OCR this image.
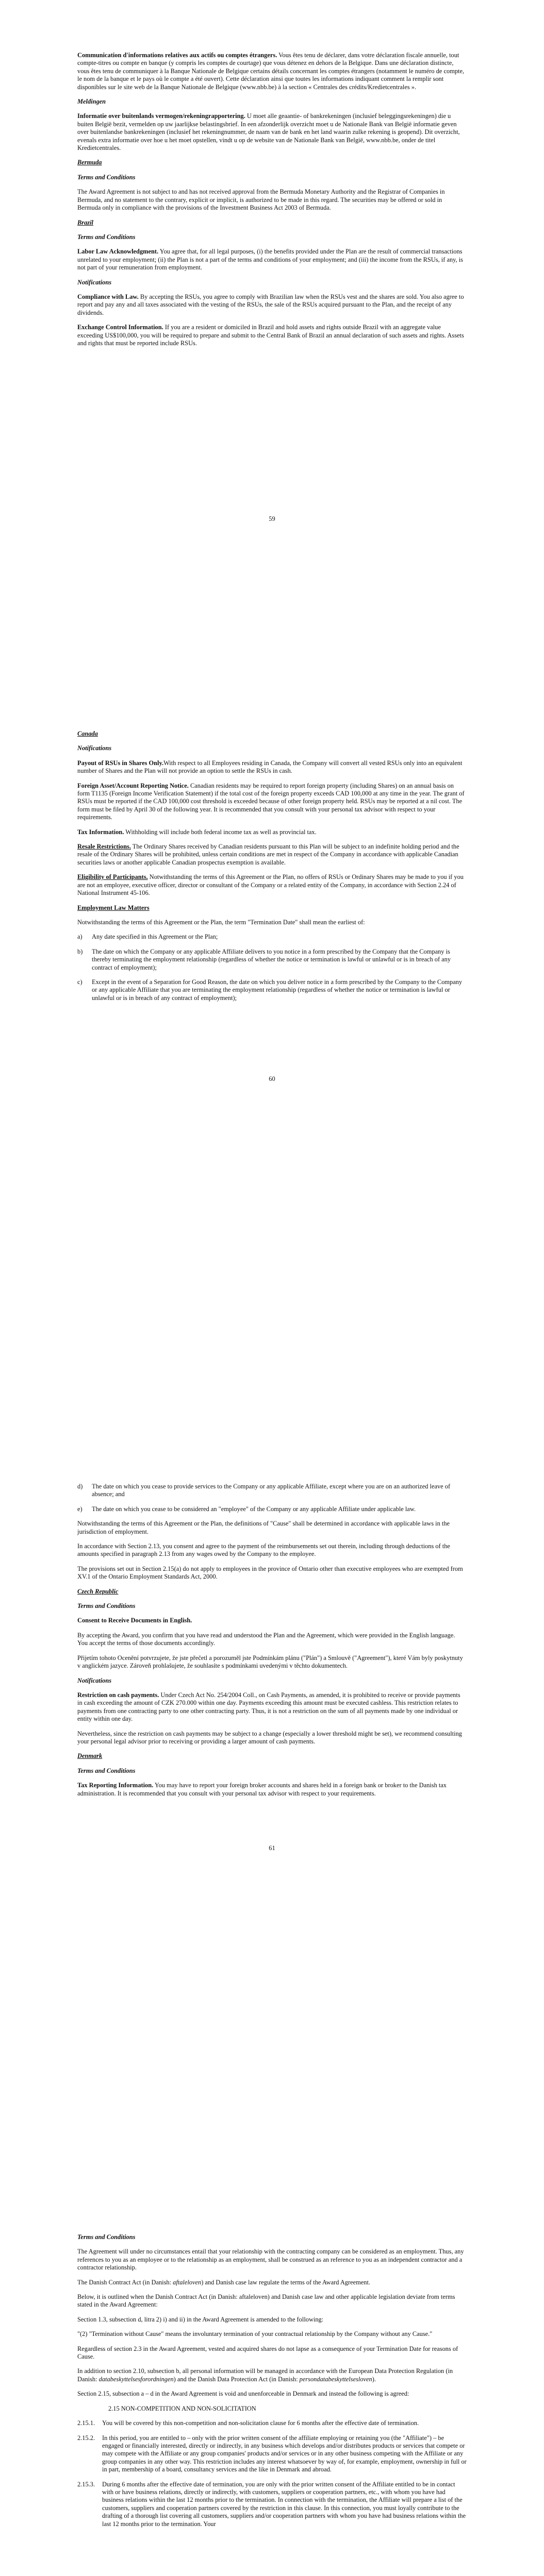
Communication d'informations relatives aux actifs ou comptes étrangers. Vous êtes tenu de déclarer, dans votre déclaration fiscale annuelle, tout compte-titres ou compte en banque (y compris les comptes de courtage) que vous détenez en dehors de la Belgique. Dans une déclaration distincte, vous êtes tenu de communiquer à la Banque Nationale de Belgique certains détails concernant les comptes étrangers (notamment le numéro de compte, le nom de la banque et le pays où le compte a été ouvert). Cette déclaration ainsi que toutes les informations indiquant comment la remplir sont disponibles sur le site web de la Banque Nationale de Belgique (www.nbb.be) à la section « Centrales des crédits/Kredietcentrales ».

Meldingen

Informatie over buitenlands vermogen/rekeningrapportering. U moet alle geaantie- of bankrekeningen (inclusief beleggingsrekeningen) die u buiten België bezit, vermelden op uw jaarlijkse belastingsbrief. In een afzonderlijk overzicht moet u de Nationale Bank van België informatie geven over buitenlandse bankrekeningen (inclusief het rekeningnummer, de naam van de bank en het land waarin zulke rekening is geopend). Dit overzicht, evenals extra informatie over hoe u het moet opstellen, vindt u op de website van de Nationale Bank van België, www.nbb.be, onder de titel Kredietcentrales.

Bermuda

Terms and Conditions

The Award Agreement is not subject to and has not received approval from the Bermuda Monetary Authority and the Registrar of Companies in Bermuda, and no statement to the contrary, explicit or implicit, is authorized to be made in this regard. The securities may be offered or sold in Bermuda only in compliance with the provisions of the Investment Business Act 2003 of Bermuda.

Brazil

Terms and Conditions

Labor Law Acknowledgment. You agree that, for all legal purposes, (i) the benefits provided under the Plan are the result of commercial transactions unrelated to your employment; (ii) the Plan is not a part of the terms and conditions of your employment; and (iii) the income from the RSUs, if any, is not part of your remuneration from employment.

Notifications

Compliance with Law. By accepting the RSUs, you agree to comply with Brazilian law when the RSUs vest and the shares are sold. You also agree to report and pay any and all taxes associated with the vesting of the RSUs, the sale of the RSUs acquired pursuant to the Plan, and the receipt of any dividends.

Exchange Control Information. If you are a resident or domiciled in Brazil and hold assets and rights outside Brazil with an aggregate value exceeding US$100,000, you will be required to prepare and submit to the Central Bank of Brazil an annual declaration of such assets and rights. Assets and rights that must be reported include RSUs.

59

Canada

Notifications

Payout of RSUs in Shares Only.With respect to all Employees residing in Canada, the Company will convert all vested RSUs only into an equivalent number of Shares and the Plan will not provide an option to settle the RSUs in cash.

Foreign Asset/Account Reporting Notice. Canadian residents may be required to report foreign property (including Shares) on an annual basis on form T1135 (Foreign Income Verification Statement) if the total cost of the foreign property exceeds CAD 100,000 at any time in the year. The grant of RSUs must be reported if the CAD 100,000 cost threshold is exceeded because of other foreign property held. RSUs may be reported at a nil cost. The form must be filed by April 30 of the following year. It is recommended that you consult with your personal tax advisor with respect to your requirements.

Tax Information. Withholding will include both federal income tax as well as provincial tax.

Resale Restrictions. The Ordinary Shares received by Canadian residents pursuant to this Plan will be subject to an indefinite holding period and the resale of the Ordinary Shares will be prohibited, unless certain conditions are met in respect of the Company in accordance with applicable Canadian securities laws or another applicable Canadian prospectus exemption is available.

Eligibility of Participants. Notwithstanding the terms of this Agreement or the Plan, no offers of RSUs or Ordinary Shares may be made to you if you are not an employee, executive officer, director or consultant of the Company or a related entity of the Company, in accordance with Section 2.24 of National Instrument 45-106.

Employment Law Matters

Notwithstanding the terms of this Agreement or the Plan, the term "Termination Date" shall mean the earliest of:

a)	Any date specified in this Agreement or the Plan;

b)	The date on which the Company or any applicable Affiliate delivers to you notice in a form prescribed by the Company that the Company is thereby terminating the employment relationship (regardless of whether the notice or termination is lawful or unlawful or is in breach of any contract of employment);

c)	Except in the event of a Separation for Good Reason, the date on which you deliver notice in a form prescribed by the Company to the Company or any applicable Affiliate that you are terminating the employment relationship (regardless of whether the notice or termination is lawful or unlawful or is in breach of any contract of employment);

60

d)	The date on which you cease to provide services to the Company or any applicable Affiliate, except where you are on an authorized leave of absence; and

e)	The date on which you cease to be considered an "employee" of the Company or any applicable Affiliate under applicable law.

Notwithstanding the terms of this Agreement or the Plan, the definitions of "Cause" shall be determined in accordance with applicable laws in the jurisdiction of employment.

In accordance with Section 2.13, you consent and agree to the payment of the reimbursements set out therein, including through deductions of the amounts specified in paragraph 2.13 from any wages owed by the Company to the employee.

The provisions set out in Section 2.15(a) do not apply to employees in the province of Ontario other than executive employees who are exempted from XV.1 of the Ontario Employment Standards Act, 2000.

Czech Republic

Terms and Conditions

Consent to Receive Documents in English.

By accepting the Award, you confirm that you have read and understood the Plan and the Agreement, which were provided in the English language. You accept the terms of those documents accordingly.

Přijetím tohoto Ocenění potvrzujete, že jste přečetl a porozuměl jste Podmínkám plánu ("Plán") a Smlouvě ("Agreement"), které Vám byly poskytnuty v anglickém jazyce. Zároveň prohlašujete, že souhlasíte s podmínkami uvedenými v těchto dokumentech.

Notifications

Restriction on cash payments. Under Czech Act No. 254/2004 Coll., on Cash Payments, as amended, it is prohibited to receive or provide payments in cash exceeding the amount of CZK 270.000 within one day. Payments exceeding this amount must be executed cashless. This restriction relates to payments from one contracting party to one other contracting party. Thus, it is not a restriction on the sum of all payments made by one individual or entity within one day.

Nevertheless, since the restriction on cash payments may be subject to a change (especially a lower threshold might be set), we recommend consulting your personal legal advisor prior to receiving or providing a larger amount of cash payments.

Denmark

Terms and Conditions

Tax Reporting Information. You may have to report your foreign broker accounts and shares held in a foreign bank or broker to the Danish tax administration. It is recommended that you consult with your personal tax advisor with respect to your requirements.

61

Terms and Conditions

The Agreement will under no circumstances entail that your relationship with the contracting company can be considered as an employment. Thus, any references to you as an employee or to the relationship as an employment, shall be construed as an reference to you as an independent contractor and a contractor relationship.

The Danish Contract Act (in Danish: aftaleloven) and Danish case law regulate the terms of the Award Agreement.

Below, it is outlined when the Danish Contract Act (in Danish: aftaleloven) and Danish case law and other applicable legislation deviate from terms stated in the Award Agreement:

Section 1.3, subsection d, litra 2) i) and ii) in the Award Agreement is amended to the following:

"(2) "Termination without Cause" means the involuntary termination of your contractual relationship by the Company without any Cause."

Regardless of section 2.3 in the Award Agreement, vested and acquired shares do not lapse as a consequence of your Termination Date for reasons of Cause.

In addition to section 2.10, subsection b, all personal information will be managed in accordance with the European Data Protection Regulation (in Danish: databeskyttelsesforordningen) and the Danish Data Protection Act (in Danish: persondatabeskyttelsesloven).

Section 2.15, subsection a – d in the Award Agreement is void and unenforceable in Denmark and instead the following is agreed:

2.15 NON-COMPETITION AND NON-SOLICITATION

2.15.1.	You will be covered by this non-competition and non-solicitation clause for 6 months after the effective date of termination.

2.15.2.	In this period, you are entitled to – only with the prior written consent of the affiliate employing or retaining you (the "Affiliate") – be engaged or financially interested, directly or indirectly, in any business which develops and/or distributes products or services that compete or may compete with the Affiliate or any group companies' products and/or services or in any other business competing with the Affiliate or any group companies in any other way. This restriction includes any interest whatsoever by way of, for example, employment, ownership in full or in part, membership of a board, consultancy services and the like in Denmark and abroad.

2.15.3.	During 6 months after the effective date of termination, you are only with the prior written consent of the Affiliate entitled to be in contact with or have business relations, directly or indirectly, with customers, suppliers or cooperation partners, etc., with whom you have had business relations within the last 12 months prior to the termination. In connection with the termination, the Affiliate will prepare a list of the customers, suppliers and cooperation partners covered by the restriction in this clause. In this connection, you must loyally contribute to the drafting of a thorough list covering all customers, suppliers and/or cooperation partners with whom you have had business relations within the last 12 months prior to the termination. Your
